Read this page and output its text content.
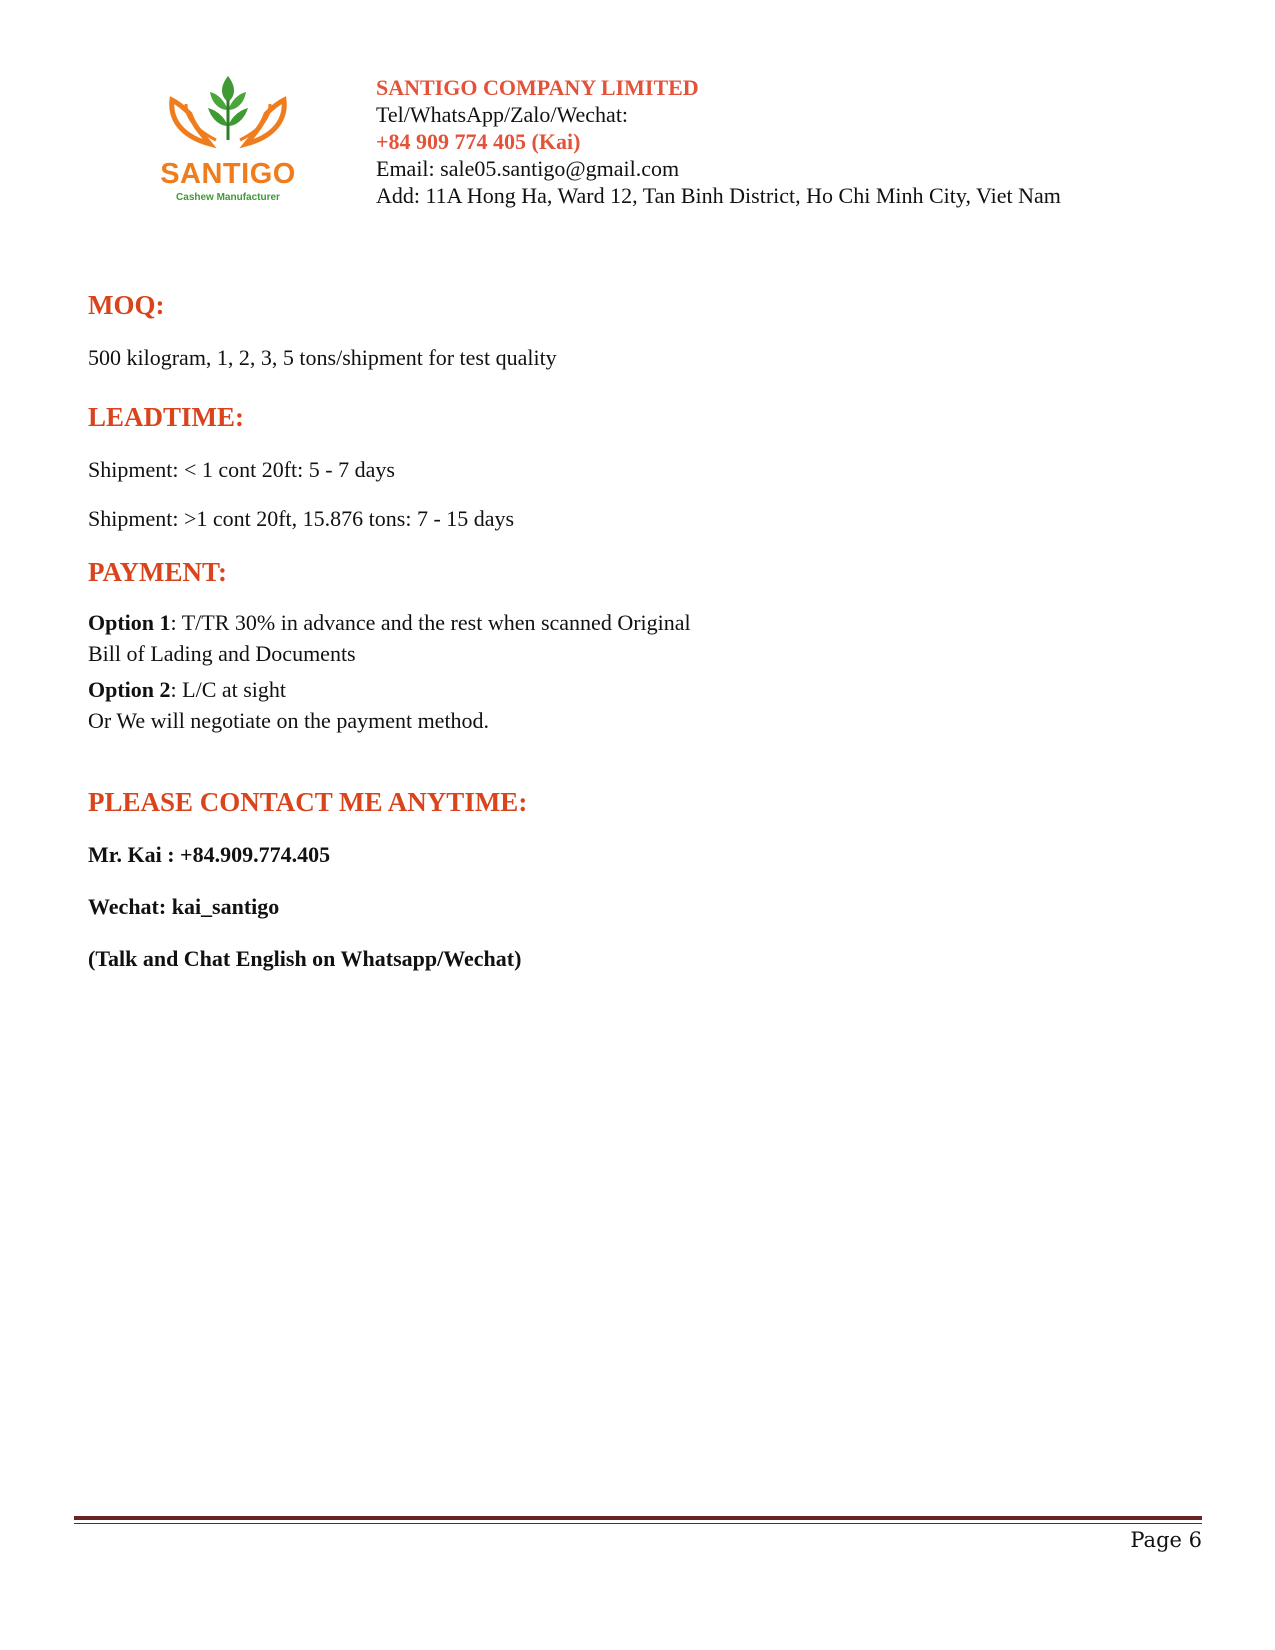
SANTIGO
Cashew Manufacturer
SANTIGO COMPANY LIMITED
Tel/WhatsApp/Zalo/Wechat:
+84 909 774 405 (Kai)
Email: sale05.santigo@gmail.com
Add: 11A Hong Ha, Ward 12, Tan Binh District, Ho Chi Minh City, Viet Nam
MOQ:

500 kilogram, 1, 2, 3, 5 tons/shipment for test quality

LEADTIME:

Shipment: < 1 cont 20ft: 5 - 7 days

Shipment: >1 cont 20ft, 15.876 tons: 7 - 15 days

PAYMENT:

Option 1: T/TR 30% in advance and the rest when scanned Original

Bill of Lading and Documents

Option 2: L/C at sight

Or We will negotiate on the payment method.

PLEASE CONTACT ME ANYTIME:

Mr. Kai : +84.909.774.405

Wechat: kai_santigo

(Talk and Chat English on Whatsapp/Wechat)

Page 6
